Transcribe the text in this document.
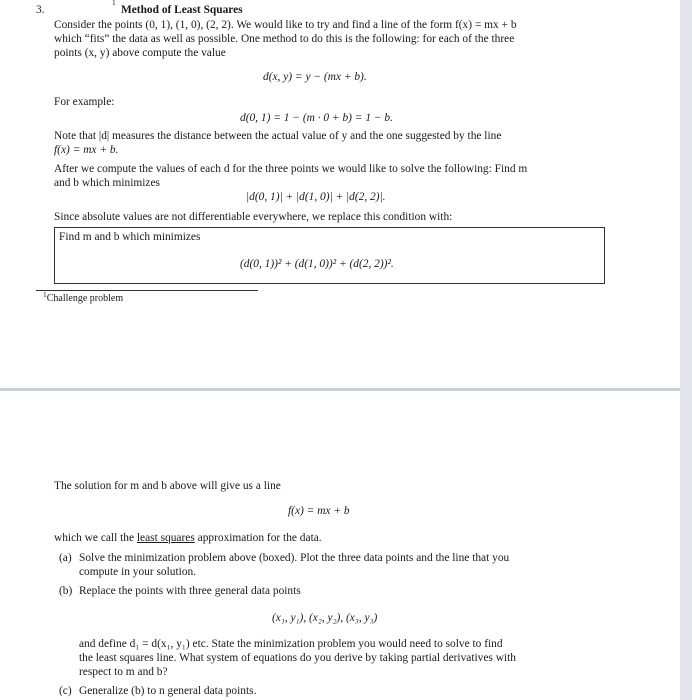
3.
$^1$
Method of Least Squares
Consider the points (0, 1), (1, 0), (2, 2). We would like to try and find a line of the form f(x) = mx + b
which “fits” the data as well as possible. One method to do this is the following: for each of the three
points (x, y) above compute the value
d(x, y) = y − (mx + b).
For example:
d(0, 1) = 1 − (m · 0 + b) = 1 − b.
Note that |d| measures the distance between the actual value of y and the one suggested by the line
f(x) = mx + b.
After we compute the values of each d for the three points we would like to solve the following: Find m
and b which minimizes
|d(0, 1)| + |d(1, 0)| + |d(2, 2)|.
Since absolute values are not differentiable everywhere, we replace this condition with:
Find m and b which minimizes
(d(0, 1))² + (d(1, 0))² + (d(2, 2))².
$^1$Challenge problem
The solution for m and b above will give us a line
f(x) = mx + b
which we call the least squares approximation for the data.
(a) Solve the minimization problem above (boxed). Plot the three data points and the line that you
compute in your solution.
(b) Replace the points with three general data points
(x₁, y₁), (x₂, y₂), (x₃, y₃)
and define d₁ = d(x₁, y₁) etc. State the minimization problem you would need to solve to find
the least squares line. What system of equations do you derive by taking partial derivatives with
respect to m and b?
(c) Generalize (b) to n general data points.
